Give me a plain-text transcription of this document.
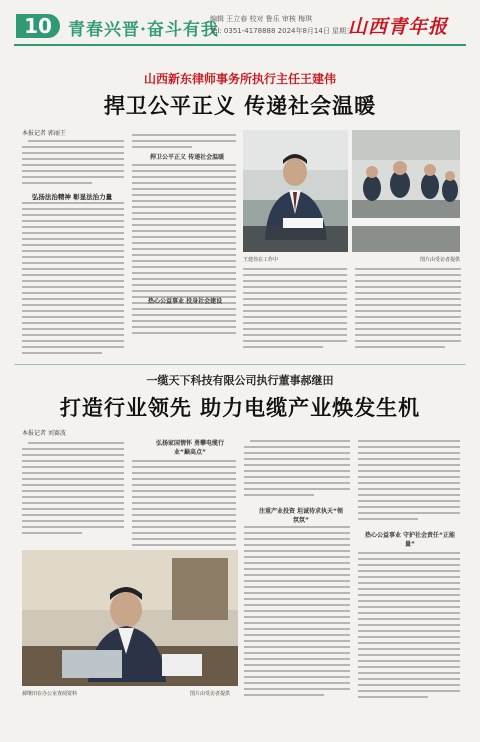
10 青春兴晋·奋斗有我
编辑 王立春 校对 鲁乐 审核 梅琪
Tel: 0351-4178888 2024年8月14日 星期三
山西青年报
山西新东律师事务所执行主任王建伟
捍卫公平正义 传递社会温暖
本报记者 郭丽王

弘扬法治精神 彰显法治力量

捍卫公平正义 传递社会温暖
热心公益事业 投身社会建设
王建伟在工作中	图片由受访者提供
一缆天下科技有限公司执行董事郝继田
打造行业领先 助力电缆产业焕发生机
本报记者 刘赛波
弘扬家国情怀 勇攀电缆行业“巅高点”
郝继田在办公室查阅资料	图片由受访者提供
注重产业投资 坦诚待求执天“领氛氛”
热心公益事业 守护社会责任“正能量”
